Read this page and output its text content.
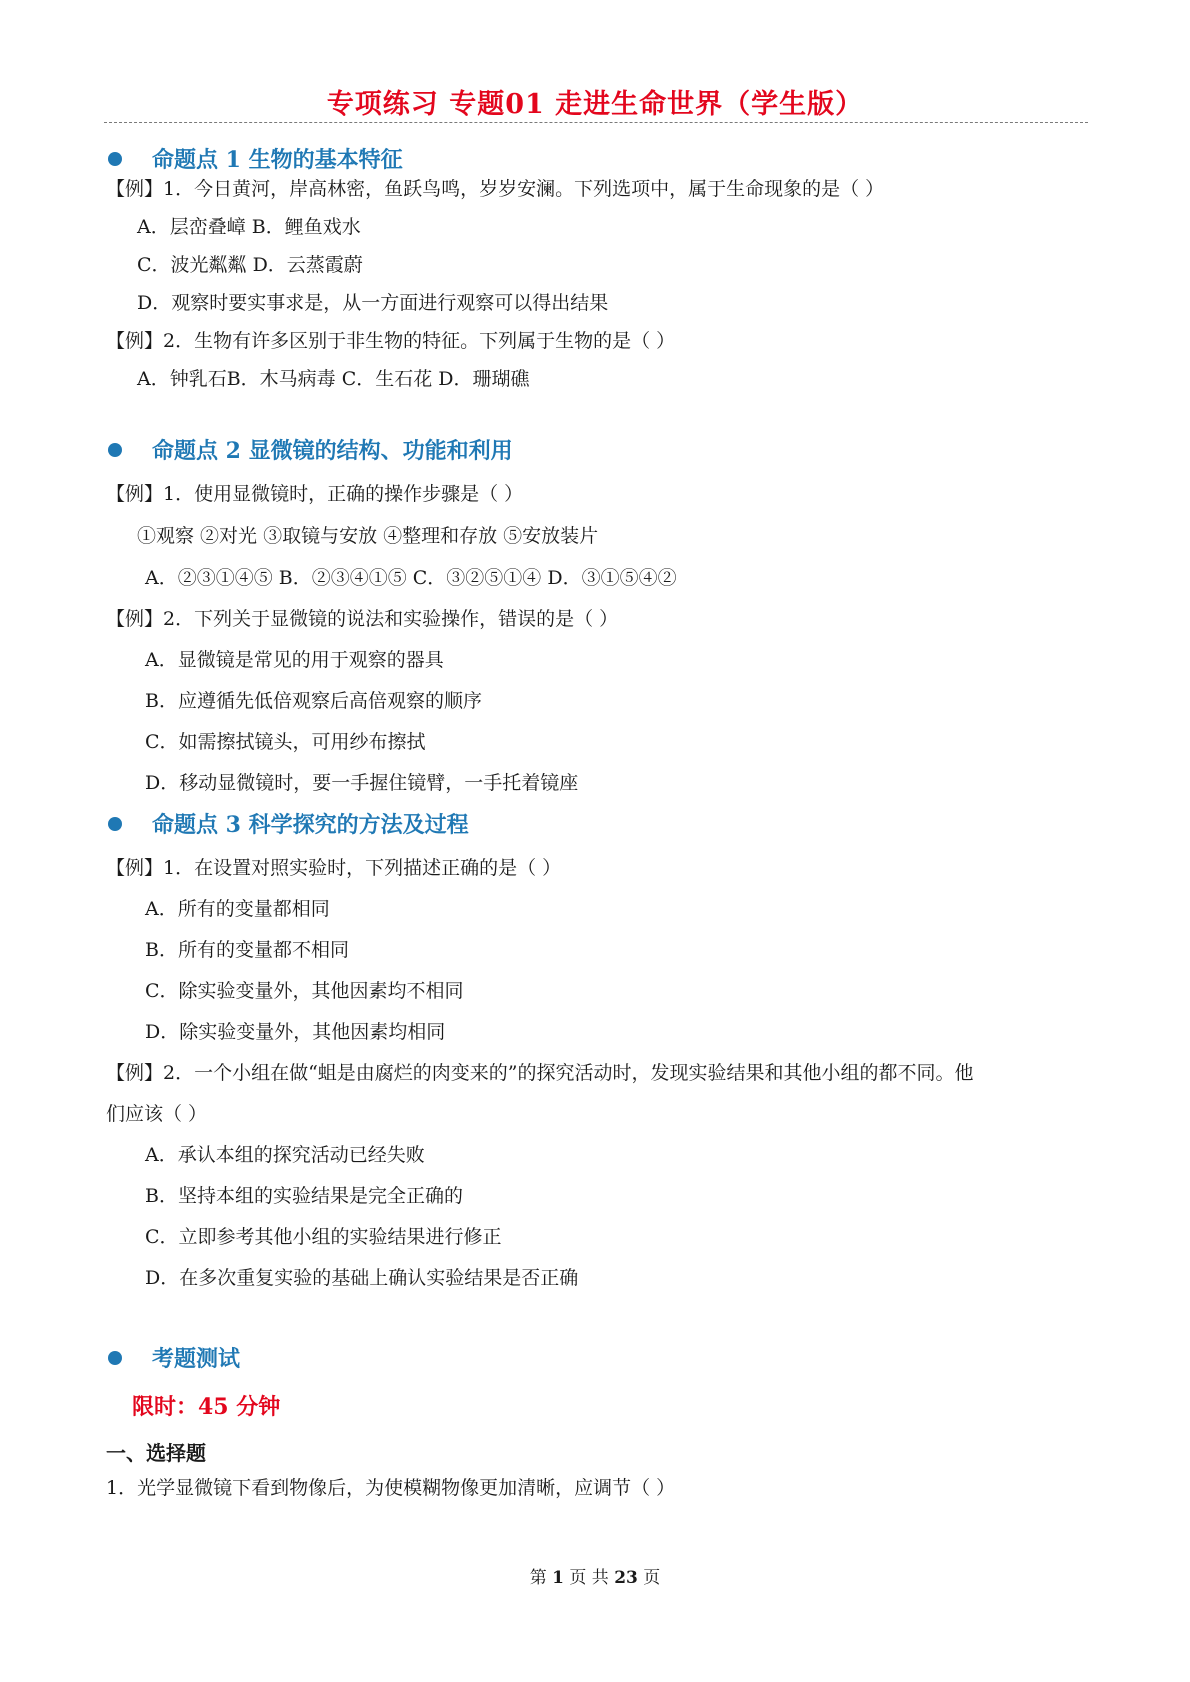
专项练习 专题01 走进生命世界（学生版）
命题点 1 生物的基本特征
【例】1．今日黄河，岸高林密，鱼跃鸟鸣，岁岁安澜。下列选项中，属于生命现象的是（ ）
A．层峦叠嶂 B．鲤鱼戏水
C．波光粼粼 D．云蒸霞蔚
D．观察时要实事求是，从一方面进行观察可以得出结果
【例】2．生物有许多区别于非生物的特征。下列属于生物的是（ ）
A．钟乳石B．木马病毒 C．生石花 D．珊瑚礁
命题点 2 显微镜的结构、功能和利用
【例】1．使用显微镜时，正确的操作步骤是（ ）
①观察 ②对光 ③取镜与安放 ④整理和存放 ⑤安放装片
A．②③①④⑤ B．②③④①⑤ C．③②⑤①④ D．③①⑤④②
【例】2．下列关于显微镜的说法和实验操作，错误的是（ ）
A．显微镜是常见的用于观察的器具
B．应遵循先低倍观察后高倍观察的顺序
C．如需擦拭镜头，可用纱布擦拭
D．移动显微镜时，要一手握住镜臂，一手托着镜座
命题点 3 科学探究的方法及过程
【例】1．在设置对照实验时，下列描述正确的是（ ）
A．所有的变量都相同
B．所有的变量都不相同
C．除实验变量外，其他因素均不相同
D．除实验变量外，其他因素均相同
【例】2．一个小组在做“蛆是由腐烂的肉变来的”的探究活动时，发现实验结果和其他小组的都不同。他
们应该（ ）
A．承认本组的探究活动已经失败
B．坚持本组的实验结果是完全正确的
C．立即参考其他小组的实验结果进行修正
D．在多次重复实验的基础上确认实验结果是否正确
考题测试
限时：45 分钟
一、选择题
1．光学显微镜下看到物像后，为使模糊物像更加清晰，应调节（ ）
第 1 页 共 23 页
